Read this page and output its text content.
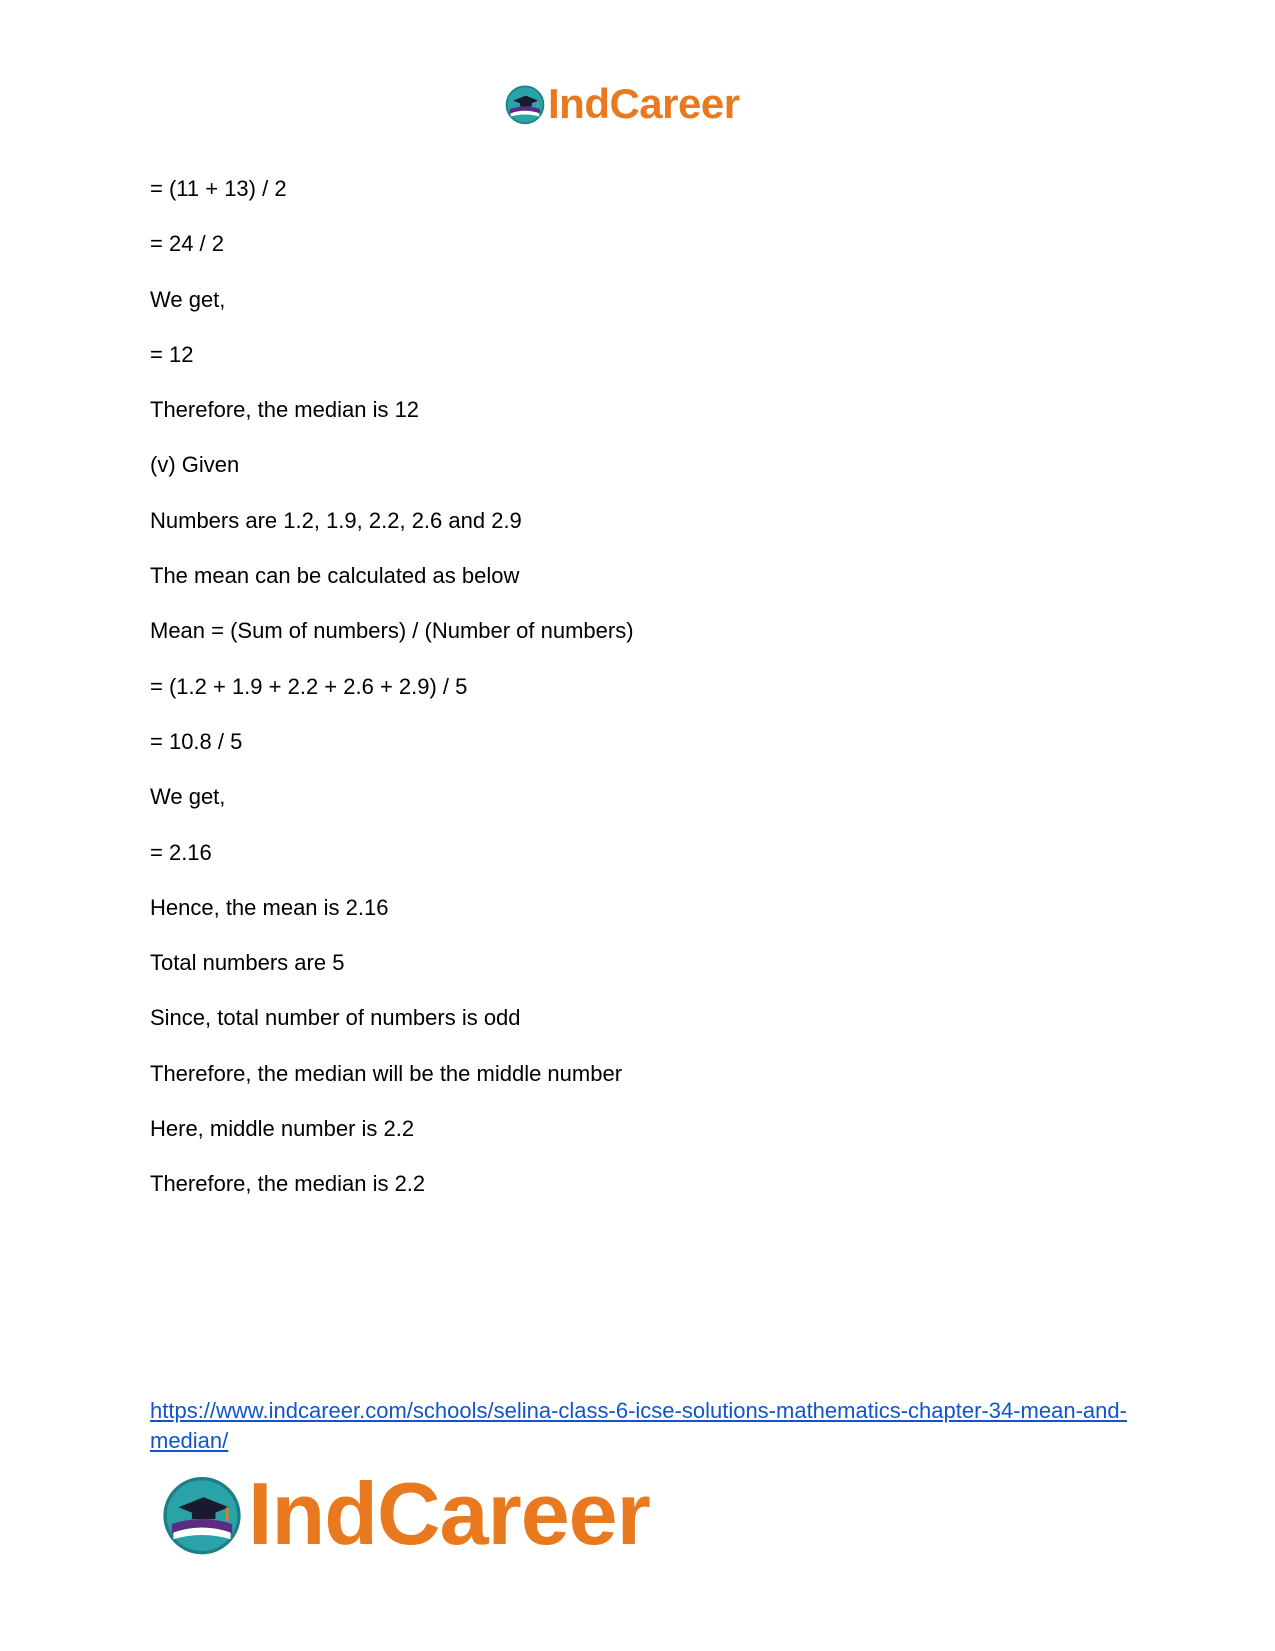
IndCareer
= (11 + 13) / 2
= 24 / 2
We get,
= 12
Therefore, the median is 12
(v) Given
Numbers are 1.2, 1.9, 2.2, 2.6 and 2.9
The mean can be calculated as below
Mean = (Sum of numbers) / (Number of numbers)
= (1.2 + 1.9 + 2.2 + 2.6 + 2.9) / 5
= 10.8 / 5
We get,
= 2.16
Hence, the mean is 2.16
Total numbers are 5
Since, total number of numbers is odd
Therefore, the median will be the middle number
Here, middle number is 2.2
Therefore, the median is 2.2
https://www.indcareer.com/schools/selina-class-6-icse-solutions-mathematics-chapter-34-mean-and-median/
IndCareer
